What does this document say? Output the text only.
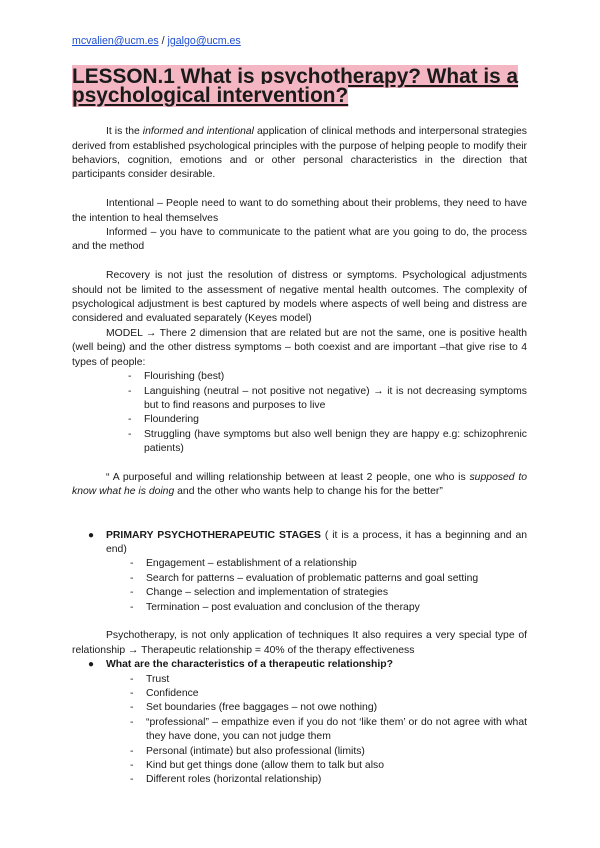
mcvalien@ucm.es / jgalgo@ucm.es
LESSON.1 What is psychotherapy? What is a psychological intervention?

It is the informed and intentional application of clinical methods and interpersonal strategies derived from established psychological principles with the purpose of helping people to modify their behaviors, cognition, emotions and or other personal characteristics in the direction that participants consider desirable.

Intentional – People need to want to do something about their problems, they need to have the intention to heal themselves

Informed – you have to communicate to the patient what are you going to do, the process and the method

Recovery is not just the resolution of distress or symptoms. Psychological adjustments should not be limited to the assessment of negative mental health outcomes. The complexity of psychological adjustment is best captured by models where aspects of well being and distress are considered and evaluated separately (Keyes model)

MODEL → There 2 dimension that are related but are not the same, one is positive health (well being) and the other distress symptoms – both coexist and are important –that give rise to 4 types of people:

- Flourishing (best)
- Languishing (neutral – not positive not negative) → it is not decreasing symptoms but to find reasons and purposes to live
- Floundering
- Struggling (have symptoms but also well benign they are happy e.g: schizophrenic patients)

“ A purposeful and willing relationship between at least 2 people, one who is supposed to know what he is doing and the other who wants help to change his for the better”

● PRIMARY PSYCHOTHERAPEUTIC STAGES ( it is a process, it has a beginning and an end)
- Engagement – establishment of a relationship
- Search for patterns – evaluation of problematic patterns and goal setting
- Change – selection and implementation of strategies
- Termination – post evaluation and conclusion of the therapy

Psychotherapy, is not only application of techniques It also requires a very special type of relationship → Therapeutic relationship = 40% of the therapy effectiveness

● What are the characteristics of a therapeutic relationship?
- Trust
- Confidence
- Set boundaries (free baggages – not owe nothing)
- “professional” – empathize even if you do not ‘like them’ or do not agree with what they have done, you can not judge them
- Personal (intimate) but also professional (limits)
- Kind but get things done (allow them to talk but also
- Different roles (horizontal relationship)
